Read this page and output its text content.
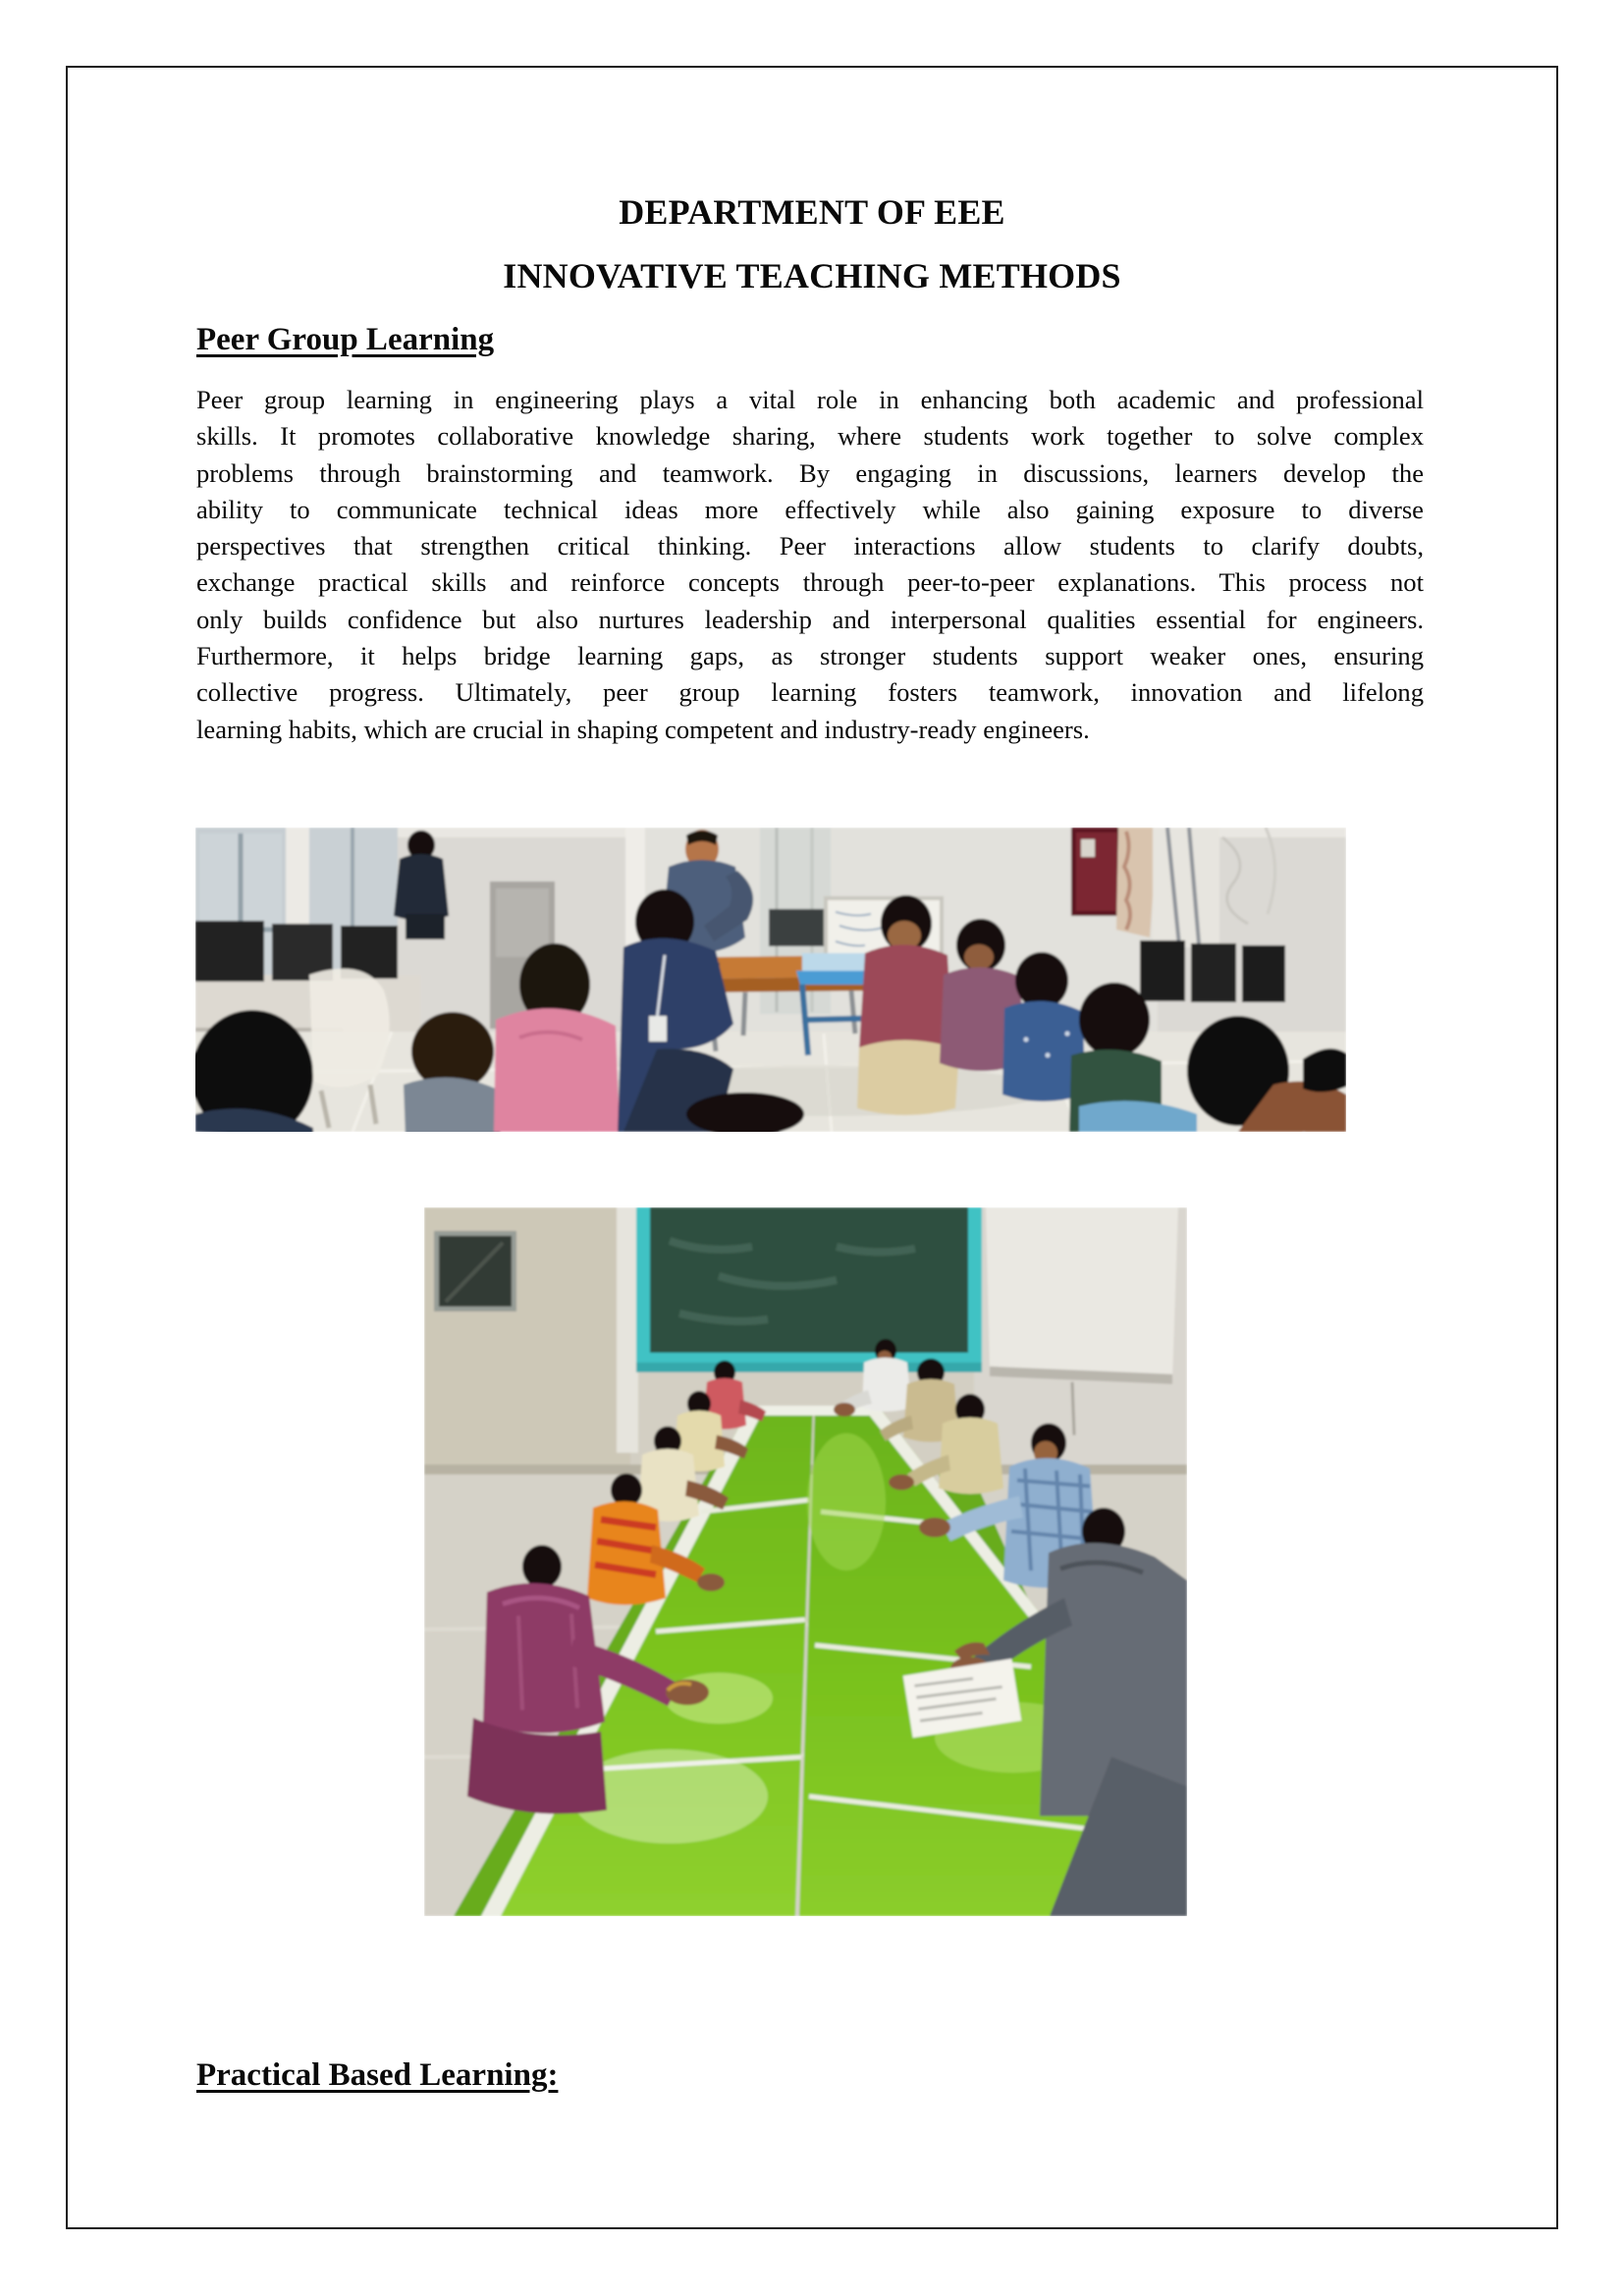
DEPARTMENT OF EEE
INNOVATIVE TEACHING METHODS
Peer Group Learning
Peer group learning in engineering plays a vital role in enhancing both academic and professional
skills. It promotes collaborative knowledge sharing, where students work together to solve complex
problems through brainstorming and teamwork. By engaging in discussions, learners develop the
ability to communicate technical ideas more effectively while also gaining exposure to diverse
perspectives that strengthen critical thinking. Peer interactions allow students to clarify doubts,
exchange practical skills and reinforce concepts through peer-to-peer explanations. This process not
only builds confidence but also nurtures leadership and interpersonal qualities essential for engineers.
Furthermore, it helps bridge learning gaps, as stronger students support weaker ones, ensuring
collective progress. Ultimately, peer group learning fosters teamwork, innovation and lifelong
learning habits, which are crucial in shaping competent and industry-ready engineers.
Practical Based Learning:
